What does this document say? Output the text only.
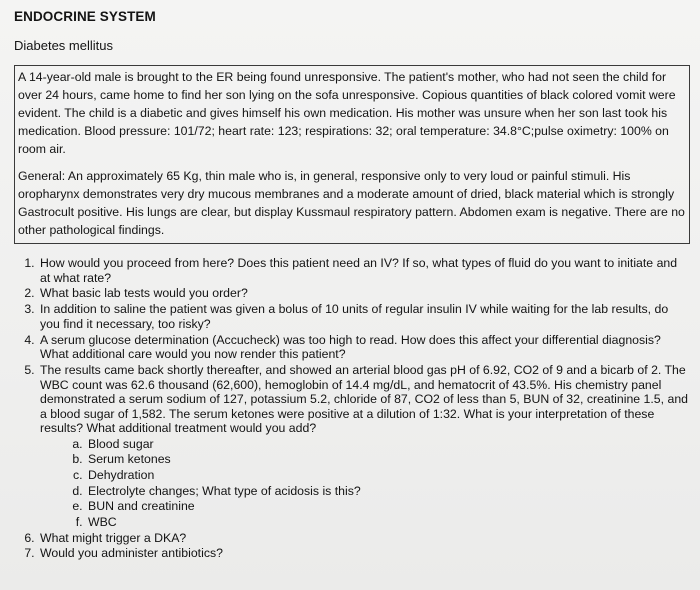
ENDOCRINE SYSTEM
Diabetes mellitus

A 14-year-old male is brought to the ER being found unresponsive. The patient's mother, who had not seen the child for over 24 hours, came home to find her son lying on the sofa unresponsive. Copious quantities of black colored vomit were evident. The child is a diabetic and gives himself his own medication. His mother was unsure when her son last took his medication. Blood pressure: 101/72; heart rate: 123; respirations: 32; oral temperature: 34.8°C;pulse oximetry: 100% on room air.

General: An approximately 65 Kg, thin male who is, in general, responsive only to very loud or painful stimuli. His oropharynx demonstrates very dry mucous membranes and a moderate amount of dried, black material which is strongly Gastrocult positive. His lungs are clear, but display Kussmaul respiratory pattern. Abdomen exam is negative. There are no other pathological findings.

1. How would you proceed from here? Does this patient need an IV? If so, what types of fluid do you want to initiate and at what rate?
2. What basic lab tests would you order?
3. In addition to saline the patient was given a bolus of 10 units of regular insulin IV while waiting for the lab results, do you find it necessary, too risky?
4. A serum glucose determination (Accucheck) was too high to read. How does this affect your differential diagnosis? What additional care would you now render this patient?
5. The results came back shortly thereafter, and showed an arterial blood gas pH of 6.92, CO2 of 9 and a bicarb of 2. The WBC count was 62.6 thousand (62,600), hemoglobin of 14.4 mg/dL, and hematocrit of 43.5%. His chemistry panel demonstrated a serum sodium of 127, potassium 5.2, chloride of 87, CO2 of less than 5, BUN of 32, creatinine 1.5, and a blood sugar of 1,582. The serum ketones were positive at a dilution of 1:32. What is your interpretation of these results? What additional treatment would you add?
a. Blood sugar
b. Serum ketones
c. Dehydration
d. Electrolyte changes; What type of acidosis is this?
e. BUN and creatinine
f. WBC
6. What might trigger a DKA?
7. Would you administer antibiotics?
